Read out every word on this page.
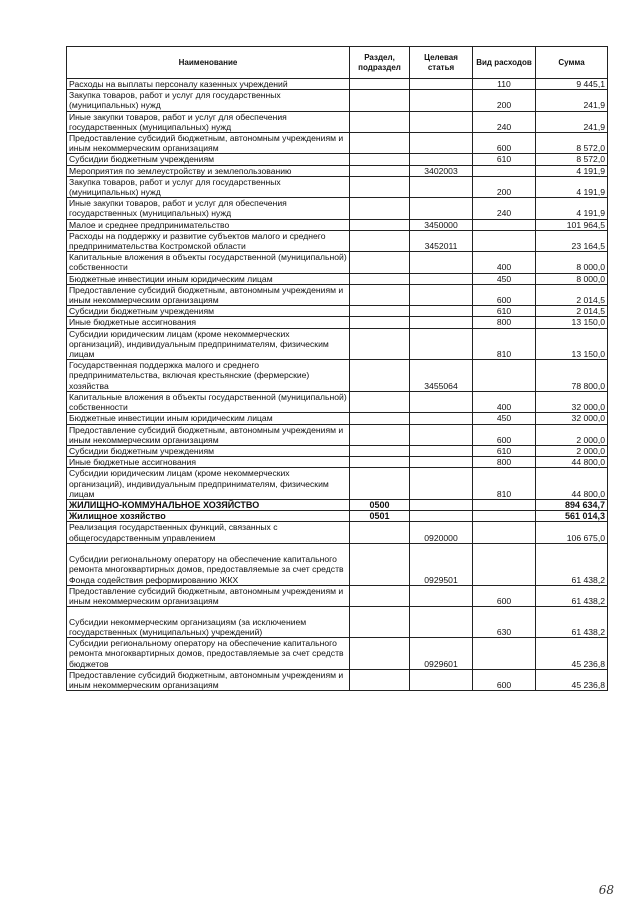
Наименование	Раздел, подраздел	Целевая статья	Вид расходов	Сумма
Расходы на выплаты персоналу казенных учреждений			110	9 445,1
Закупка товаров, работ и услуг для государственных (муниципальных) нужд			200	241,9
Иные закупки товаров, работ и услуг для обеспечения государственных (муниципальных) нужд			240	241,9
Предоставление субсидий бюджетным, автономным учреждениям и иным некоммерческим организациям			600	8 572,0
Субсидии бюджетным учреждениям			610	8 572,0
Мероприятия по землеустройству и землепользованию		3402003		4 191,9
Закупка товаров, работ и услуг для государственных (муниципальных) нужд			200	4 191,9
Иные закупки товаров, работ и услуг для обеспечения государственных (муниципальных) нужд			240	4 191,9
Малое и среднее предпринимательство		3450000		101 964,5
Расходы на поддержку и развитие субъектов малого и среднего предпринимательства Костромской области		3452011		23 164,5
Капитальные вложения в объекты государственной (муниципальной) собственности			400	8 000,0
Бюджетные инвестиции иным юридическим лицам			450	8 000,0
Предоставление субсидий бюджетным, автономным учреждениям и иным некоммерческим организациям			600	2 014,5
Субсидии бюджетным учреждениям			610	2 014,5
Иные бюджетные ассигнования			800	13 150,0
Субсидии юридическим лицам (кроме некоммерческих организаций), индивидуальным предпринимателям, физическим лицам			810	13 150,0
Государственная поддержка малого и среднего предпринимательства, включая крестьянские (фермерские) хозяйства		3455064		78 800,0
Капитальные вложения в объекты государственной (муниципальной) собственности			400	32 000,0
Бюджетные инвестиции иным юридическим лицам			450	32 000,0
Предоставление субсидий бюджетным, автономным учреждениям и иным некоммерческим организациям			600	2 000,0
Субсидии бюджетным учреждениям			610	2 000,0
Иные бюджетные ассигнования			800	44 800,0
Субсидии юридическим лицам (кроме некоммерческих организаций), индивидуальным предпринимателям, физическим лицам			810	44 800,0
ЖИЛИЩНО-КОММУНАЛЬНОЕ ХОЗЯЙСТВО	0500			894 634,7
Жилищное хозяйство	0501			561 014,3
Реализация государственных функций, связанных с общегосударственным управлением		0920000		106 675,0
Субсидии региональному оператору на обеспечение капитального ремонта многоквартирных домов, предоставляемые за счет средств Фонда содействия реформированию ЖКХ		0929501		61 438,2
Предоставление субсидий бюджетным, автономным учреждениям и иным некоммерческим организациям			600	61 438,2
Субсидии некоммерческим организациям (за исключением государственных (муниципальных) учреждений)			630	61 438,2
Субсидии региональному оператору на обеспечение капитального ремонта многоквартирных домов, предоставляемые за счет средств бюджетов		0929601		45 236,8
Предоставление субсидий бюджетным, автономным учреждениям и иным некоммерческим организациям			600	45 236,8
68
